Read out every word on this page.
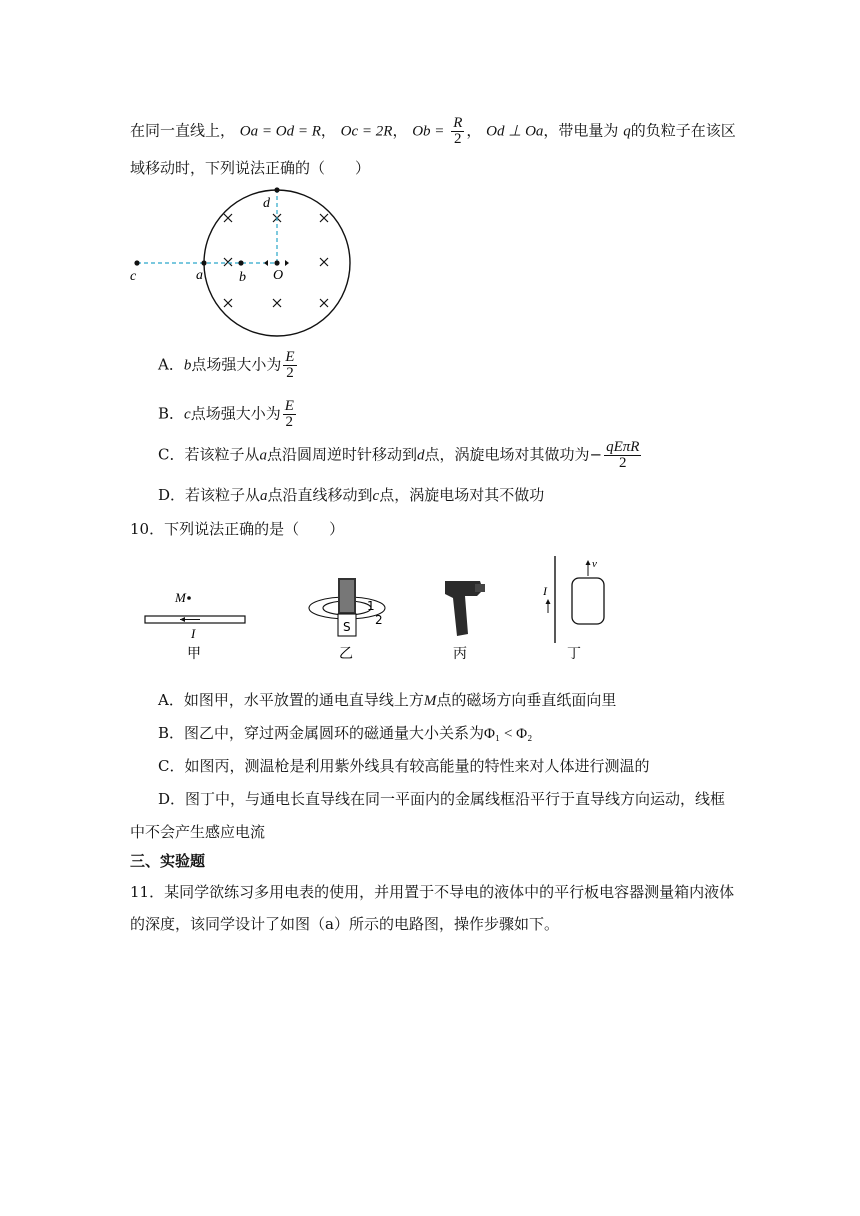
在同一直线上， Oa = Od = R， Oc = 2R， $Ob = \frac{R}{2}$ ， Od ⊥ Oa，带电量为 q的负粒子在该区
域移动时，下列说法正确的（　　）
c	a	b O
d
A．b点场强大小为 $\frac{E}{2}$
B．c点场强大小为 $\frac{E}{2}$
C．若该粒子从a点沿圆周逆时针移动到d点，涡旋电场对其做功为− $\frac{\text{qEπR}}{2}$
D．若该粒子从a点沿直线移动到c点，涡旋电场对其不做功
10．下列说法正确的是（　　）
M
I
甲
S
1
2
乙	丙
I
v
丁
A．如图甲，水平放置的通电直导线上方M点的磁场方向垂直纸面向里
B．图乙中，穿过两金属圆环的磁通量大小关系为Φ₁ < Φ₂
C．如图丙，测温枪是利用紫外线具有较高能量的特性来对人体进行测温的
D．图丁中，与通电长直导线在同一平面内的金属线框沿平行于直导线方向运动，线框
中不会产生感应电流
三、实验题
11．某同学欲练习多用电表的使用，并用置于不导电的液体中的平行板电容器测量箱内液体
的深度，该同学设计了如图（a）所示的电路图，操作步骤如下。
